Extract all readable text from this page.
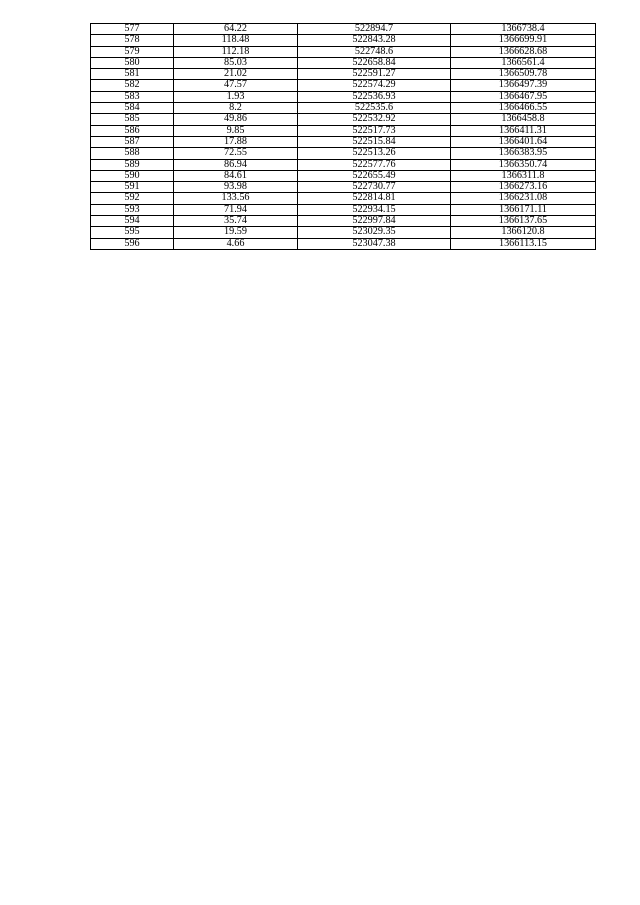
577	64.22	522894.7	1366738.4
578	118.48	522843.28	1366699.91
579	112.18	522748.6	1366628.68
580	85.03	522658.84	1366561.4
581	21.02	522591.27	1366509.78
582	47.57	522574.29	1366497.39
583	1.93	522536.93	1366467.95
584	8.2	522535.6	1366466.55
585	49.86	522532.92	1366458.8
586	9.85	522517.73	1366411.31
587	17.88	522515.84	1366401.64
588	72.55	522513.26	1366383.95
589	86.94	522577.76	1366350.74
590	84.61	522655.49	1366311.8
591	93.98	522730.77	1366273.16
592	133.56	522814.81	1366231.08
593	71.94	522934.15	1366171.11
594	35.74	522997.84	1366137.65
595	19.59	523029.35	1366120.8
596	4.66	523047.38	1366113.15
